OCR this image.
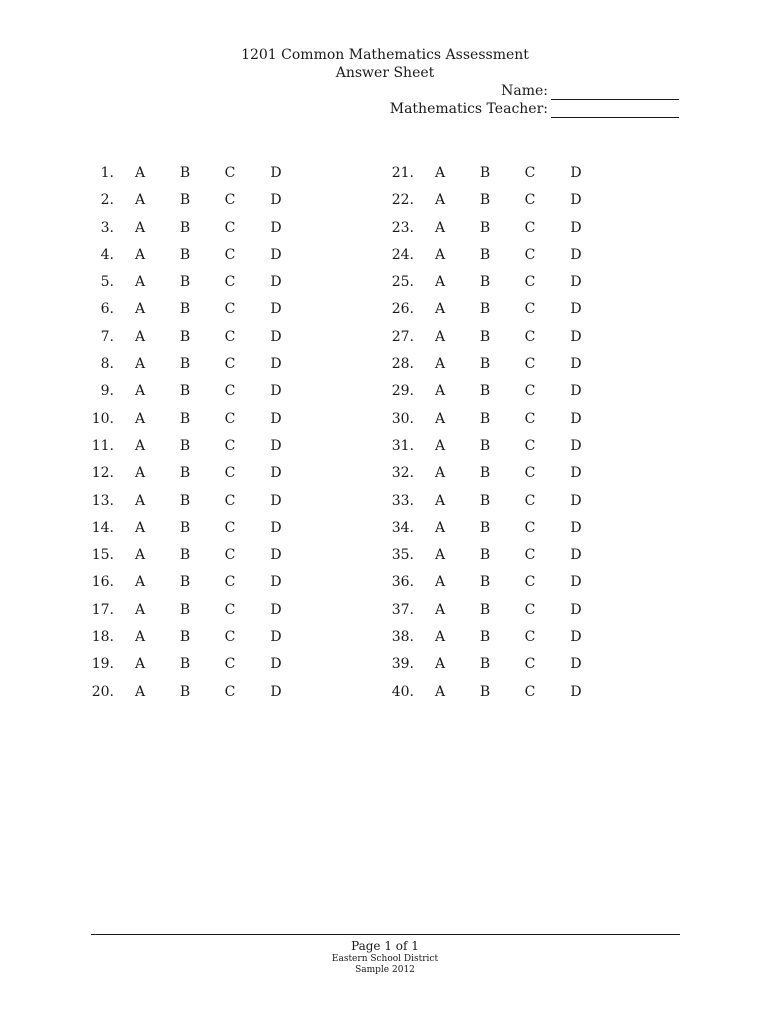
1201 Common Mathematics Assessment
Answer Sheet
Name:
Mathematics Teacher:
1. A B C	D
2. A B C	D
3. A B C	D
4. A B C	D
5. A B C	D
6. A B C	D
7. A B C	D
8. A B C	D
9. A B C	D
10. A B C	D
11. A B C	D
12. A B C	D
13. A B C	D
14. A B C	D
15. A B C	D
16. A B C	D
17. A B C	D
18. A B C	D
19. A B C	D
20. A B C	D
21. A B C	D
22. A B C	D
23. A B C	D
24. A B C	D
25. A B C	D
26. A B C	D
27. A B C	D
28. A B C	D
29. A B C	D
30. A B C	D
31. A B C	D
32. A B C	D
33. A B C	D
34. A B C	D
35. A B C	D
36. A B C	D
37. A B C	D
38. A B C	D
39. A B C	D
40. A B C	D
Page 1 of 1
Eastern School District
Sample 2012
